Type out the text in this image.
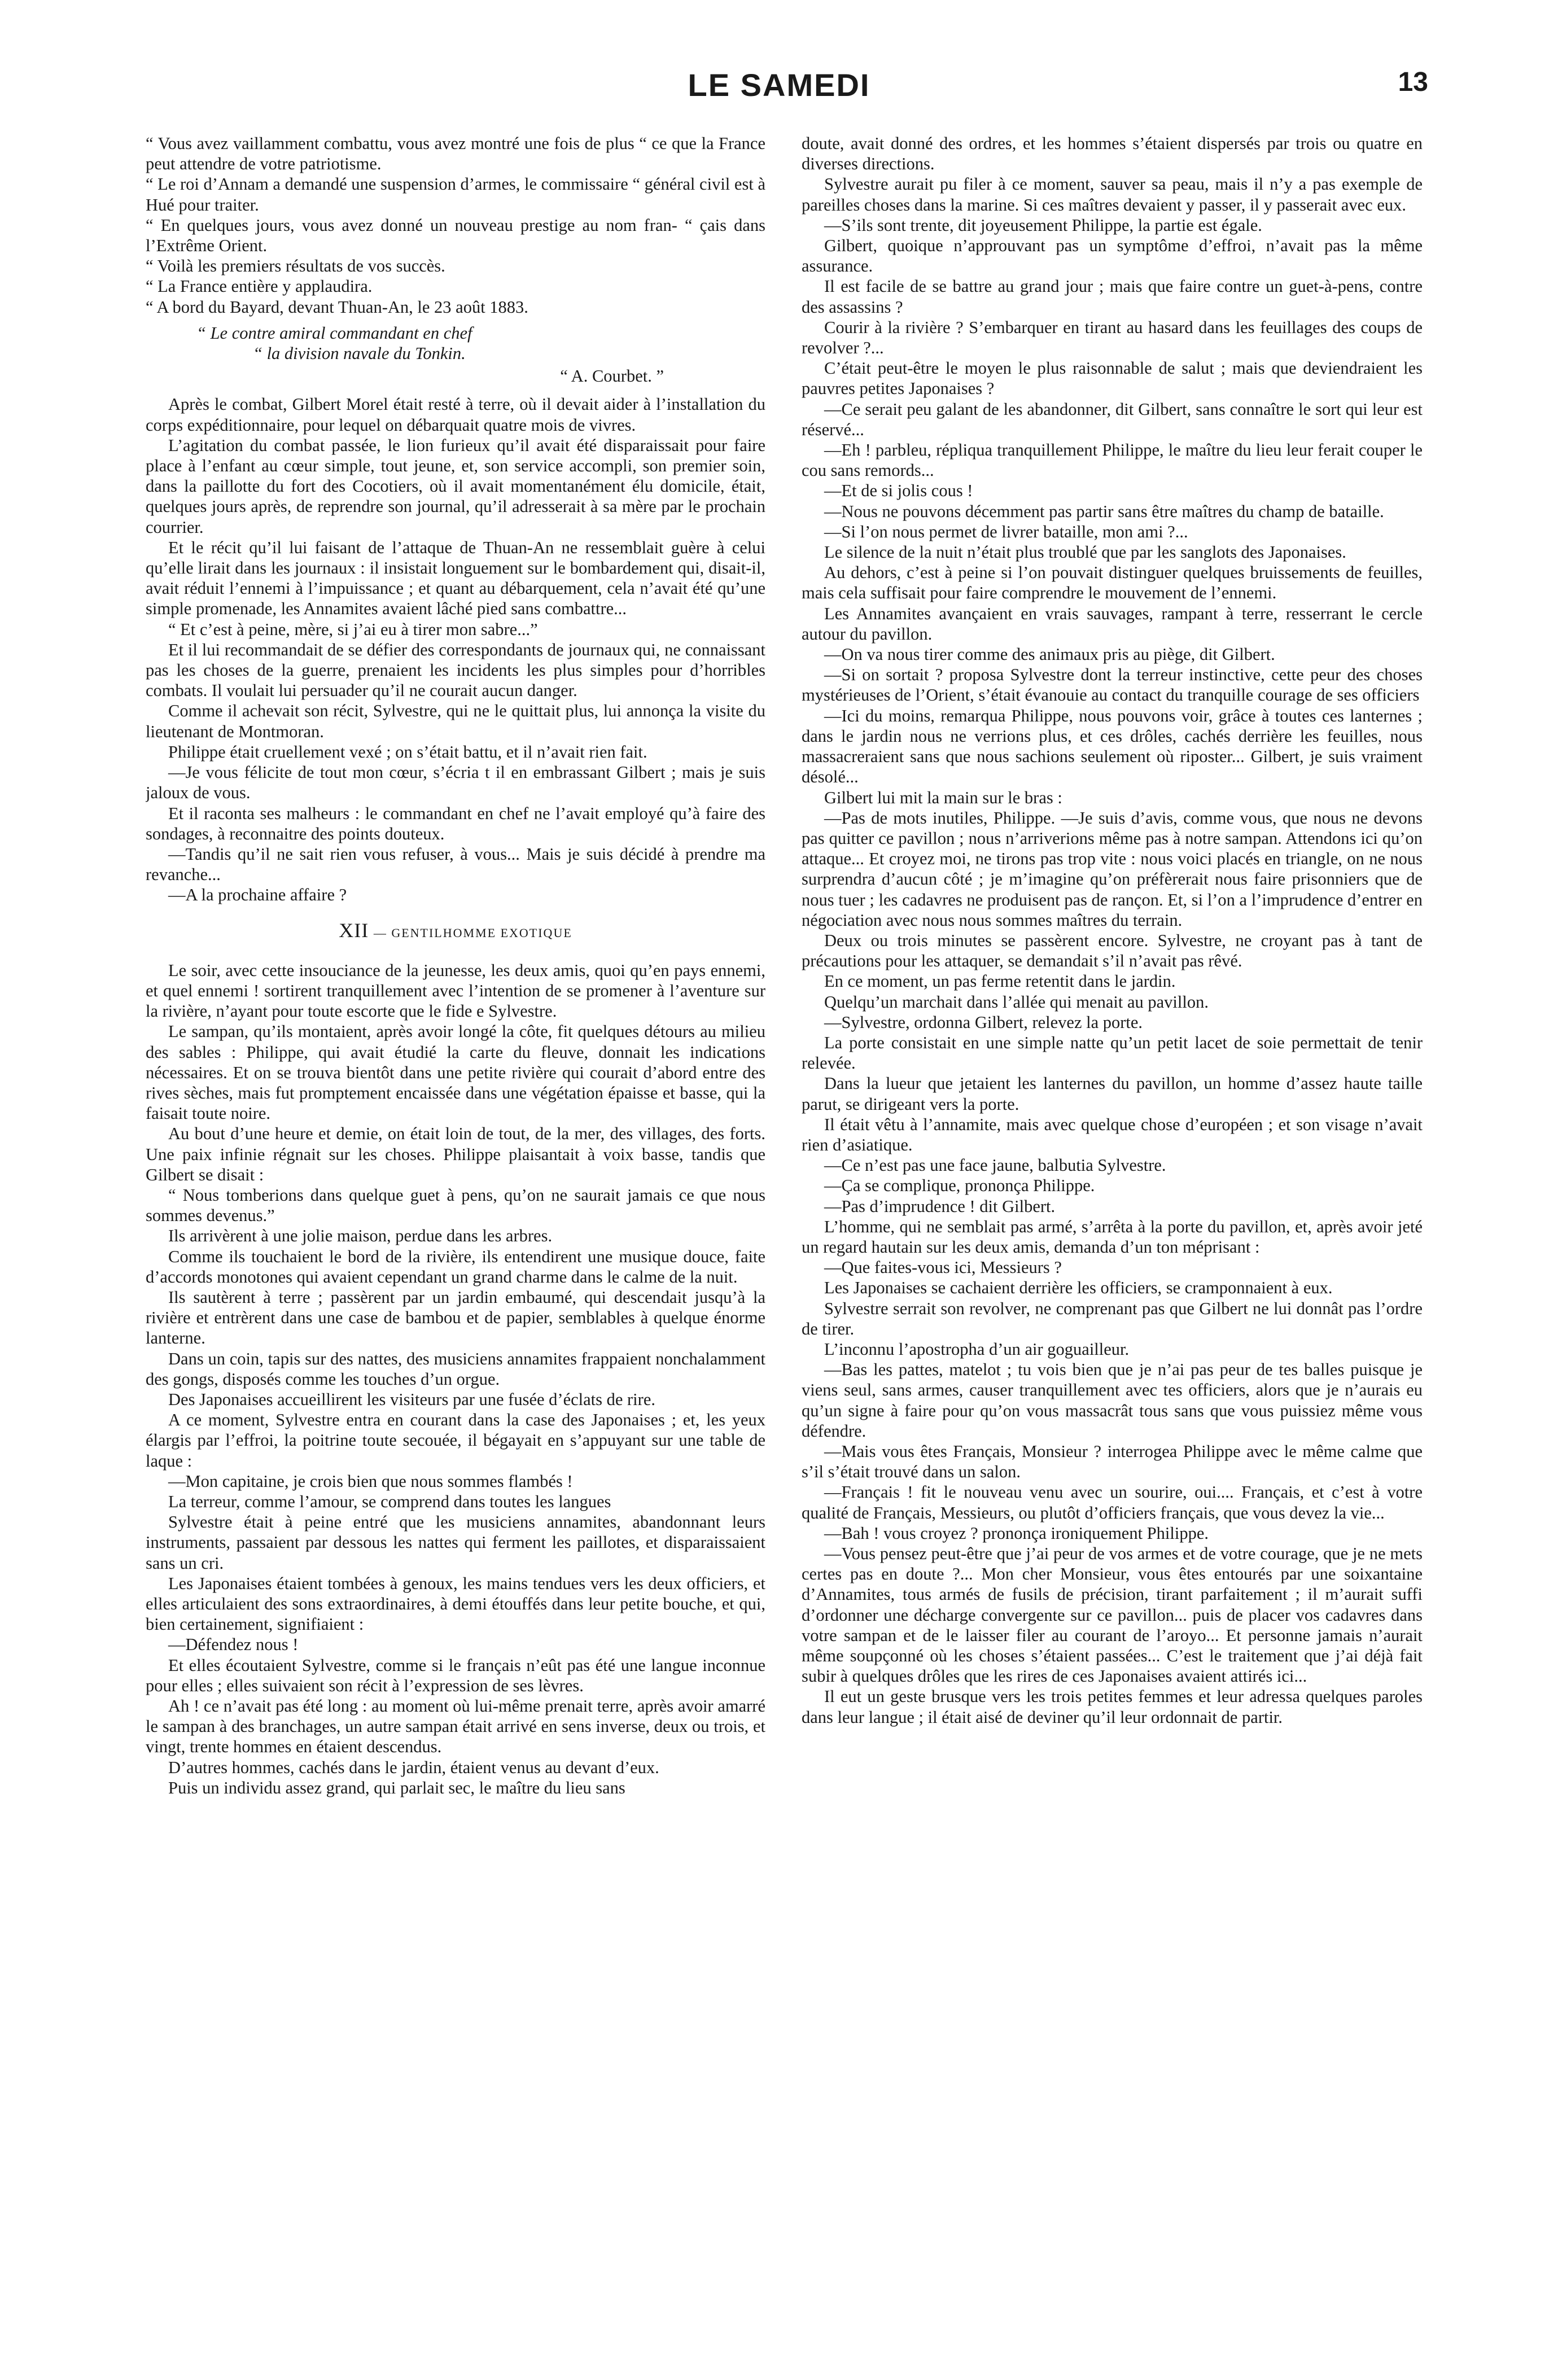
LE SAMEDI	13

“ Vous avez vaillamment combattu, vous avez montré une fois de plus “ ce que la France peut attendre de votre patriotisme.

“ Le roi d’Annam a demandé une suspension d’armes, le commissaire “ général civil est à Hué pour traiter.

“ En quelques jours, vous avez donné un nouveau prestige au nom fran- “ çais dans l’Extrême Orient.

“ Voilà les premiers résultats de vos succès.

“ La France entière y applaudira.

“ A bord du Bayard, devant Thuan-An, le 23 août 1883.

“ Le contre amiral commandant en chef
“ la division navale du Tonkin.
“ A. Courbet. ”

Après le combat, Gilbert Morel était resté à terre, où il devait aider à l’installation du corps expéditionnaire, pour lequel on débarquait quatre mois de vivres.

L’agitation du combat passée, le lion furieux qu’il avait été disparaissait pour faire place à l’enfant au cœur simple, tout jeune, et, son service accompli, son premier soin, dans la paillotte du fort des Cocotiers, où il avait momentanément élu domicile, était, quelques jours après, de reprendre son journal, qu’il adresserait à sa mère par le prochain courrier.

Et le récit qu’il lui faisant de l’attaque de Thuan-An ne ressemblait guère à celui qu’elle lirait dans les journaux : il insistait longuement sur le bombardement qui, disait-il, avait réduit l’ennemi à l’impuissance ; et quant au débarquement, cela n’avait été qu’une simple promenade, les Annamites avaient lâché pied sans combattre...

“ Et c’est à peine, mère, si j’ai eu à tirer mon sabre...”

Et il lui recommandait de se défier des correspondants de journaux qui, ne connaissant pas les choses de la guerre, prenaient les incidents les plus simples pour d’horribles combats. Il voulait lui persuader qu’il ne courait aucun danger.

Comme il achevait son récit, Sylvestre, qui ne le quittait plus, lui annonça la visite du lieutenant de Montmoran.

Philippe était cruellement vexé ; on s’était battu, et il n’avait rien fait.

—Je vous félicite de tout mon cœur, s’écria t il en embrassant Gilbert ; mais je suis jaloux de vous.

Et il raconta ses malheurs : le commandant en chef ne l’avait employé qu’à faire des sondages, à reconnaitre des points douteux.

—Tandis qu’il ne sait rien vous refuser, à vous... Mais je suis décidé à prendre ma revanche...

—A la prochaine affaire ?

XII — GENTILHOMME EXOTIQUE

Le soir, avec cette insouciance de la jeunesse, les deux amis, quoi qu’en pays ennemi, et quel ennemi ! sortirent tranquillement avec l’intention de se promener à l’aventure sur la rivière, n’ayant pour toute escorte que le fide e Sylvestre.

Le sampan, qu’ils montaient, après avoir longé la côte, fit quelques détours au milieu des sables : Philippe, qui avait étudié la carte du fleuve, donnait les indications nécessaires. Et on se trouva bientôt dans une petite rivière qui courait d’abord entre des rives sèches, mais fut promptement encaissée dans une végétation épaisse et basse, qui la faisait toute noire.

Au bout d’une heure et demie, on était loin de tout, de la mer, des villages, des forts. Une paix infinie régnait sur les choses. Philippe plaisantait à voix basse, tandis que Gilbert se disait :

“ Nous tomberions dans quelque guet à pens, qu’on ne saurait jamais ce que nous sommes devenus.”

Ils arrivèrent à une jolie maison, perdue dans les arbres.

Comme ils touchaient le bord de la rivière, ils entendirent une musique douce, faite d’accords monotones qui avaient cependant un grand charme dans le calme de la nuit.

Ils sautèrent à terre ; passèrent par un jardin embaumé, qui descendait jusqu’à la rivière et entrèrent dans une case de bambou et de papier, semblables à quelque énorme lanterne.

Dans un coin, tapis sur des nattes, des musiciens annamites frappaient nonchalamment des gongs, disposés comme les touches d’un orgue.

Des Japonaises accueillirent les visiteurs par une fusée d’éclats de rire.

A ce moment, Sylvestre entra en courant dans la case des Japonaises ; et, les yeux élargis par l’effroi, la poitrine toute secouée, il bégayait en s’appuyant sur une table de laque :

—Mon capitaine, je crois bien que nous sommes flambés !

La terreur, comme l’amour, se comprend dans toutes les langues

Sylvestre était à peine entré que les musiciens annamites, abandonnant leurs instruments, passaient par dessous les nattes qui ferment les paillotes, et disparaissaient sans un cri.

Les Japonaises étaient tombées à genoux, les mains tendues vers les deux officiers, et elles articulaient des sons extraordinaires, à demi étouffés dans leur petite bouche, et qui, bien certainement, signifiaient :

—Défendez nous !

Et elles écoutaient Sylvestre, comme si le français n’eût pas été une langue inconnue pour elles ; elles suivaient son récit à l’expression de ses lèvres.

Ah ! ce n’avait pas été long : au moment où lui-même prenait terre, après avoir amarré le sampan à des branchages, un autre sampan était arrivé en sens inverse, deux ou trois, et vingt, trente hommes en étaient descendus.

D’autres hommes, cachés dans le jardin, étaient venus au devant d’eux.

Puis un individu assez grand, qui parlait sec, le maître du lieu sans

doute, avait donné des ordres, et les hommes s’étaient dispersés par trois ou quatre en diverses directions.

Sylvestre aurait pu filer à ce moment, sauver sa peau, mais il n’y a pas exemple de pareilles choses dans la marine. Si ces maîtres devaient y passer, il y passerait avec eux.

—S’ils sont trente, dit joyeusement Philippe, la partie est égale.

Gilbert, quoique n’approuvant pas un symptôme d’effroi, n’avait pas la même assurance.

Il est facile de se battre au grand jour ; mais que faire contre un guet-à-pens, contre des assassins ?

Courir à la rivière ? S’embarquer en tirant au hasard dans les feuillages des coups de revolver ?...

C’était peut-être le moyen le plus raisonnable de salut ; mais que deviendraient les pauvres petites Japonaises ?

—Ce serait peu galant de les abandonner, dit Gilbert, sans connaître le sort qui leur est réservé...

—Eh ! parbleu, répliqua tranquillement Philippe, le maître du lieu leur ferait couper le cou sans remords...

—Et de si jolis cous !

—Nous ne pouvons décemment pas partir sans être maîtres du champ de bataille.

—Si l’on nous permet de livrer bataille, mon ami ?...

Le silence de la nuit n’était plus troublé que par les sanglots des Japonaises.

Au dehors, c’est à peine si l’on pouvait distinguer quelques bruissements de feuilles, mais cela suffisait pour faire comprendre le mouvement de l’ennemi.

Les Annamites avançaient en vrais sauvages, rampant à terre, resserrant le cercle autour du pavillon.

—On va nous tirer comme des animaux pris au piège, dit Gilbert.

—Si on sortait ? proposa Sylvestre dont la terreur instinctive, cette peur des choses mystérieuses de l’Orient, s’était évanouie au contact du tranquille courage de ses officiers

—Ici du moins, remarqua Philippe, nous pouvons voir, grâce à toutes ces lanternes ; dans le jardin nous ne verrions plus, et ces drôles, cachés derrière les feuilles, nous massacreraient sans que nous sachions seulement où riposter... Gilbert, je suis vraiment désolé...

Gilbert lui mit la main sur le bras :

—Pas de mots inutiles, Philippe. —Je suis d’avis, comme vous, que nous ne devons pas quitter ce pavillon ; nous n’arriverions même pas à notre sampan. Attendons ici qu’on attaque... Et croyez moi, ne tirons pas trop vite : nous voici placés en triangle, on ne nous surprendra d’aucun côté ; je m’imagine qu’on préfèrerait nous faire prisonniers que de nous tuer ; les cadavres ne produisent pas de rançon. Et, si l’on a l’imprudence d’entrer en négociation avec nous nous sommes maîtres du terrain.

Deux ou trois minutes se passèrent encore. Sylvestre, ne croyant pas à tant de précautions pour les attaquer, se demandait s’il n’avait pas rêvé.

En ce moment, un pas ferme retentit dans le jardin.

Quelqu’un marchait dans l’allée qui menait au pavillon.

—Sylvestre, ordonna Gilbert, relevez la porte.

La porte consistait en une simple natte qu’un petit lacet de soie permettait de tenir relevée.

Dans la lueur que jetaient les lanternes du pavillon, un homme d’assez haute taille parut, se dirigeant vers la porte.

Il était vêtu à l’annamite, mais avec quelque chose d’européen ; et son visage n’avait rien d’asiatique.

—Ce n’est pas une face jaune, balbutia Sylvestre.

—Ça se complique, prononça Philippe.

—Pas d’imprudence ! dit Gilbert.

L’homme, qui ne semblait pas armé, s’arrêta à la porte du pavillon, et, après avoir jeté un regard hautain sur les deux amis, demanda d’un ton méprisant :

—Que faites-vous ici, Messieurs ?

Les Japonaises se cachaient derrière les officiers, se cramponnaient à eux.

Sylvestre serrait son revolver, ne comprenant pas que Gilbert ne lui donnât pas l’ordre de tirer.

L’inconnu l’apostropha d’un air goguailleur.

—Bas les pattes, matelot ; tu vois bien que je n’ai pas peur de tes balles puisque je viens seul, sans armes, causer tranquillement avec tes officiers, alors que je n’aurais eu qu’un signe à faire pour qu’on vous massacrât tous sans que vous puissiez même vous défendre.

—Mais vous êtes Français, Monsieur ? interrogea Philippe avec le même calme que s’il s’était trouvé dans un salon.

—Français ! fit le nouveau venu avec un sourire, oui.... Français, et c’est à votre qualité de Français, Messieurs, ou plutôt d’officiers français, que vous devez la vie...

—Bah ! vous croyez ? prononça ironiquement Philippe.

—Vous pensez peut-être que j’ai peur de vos armes et de votre courage, que je ne mets certes pas en doute ?... Mon cher Monsieur, vous êtes entourés par une soixantaine d’Annamites, tous armés de fusils de précision, tirant parfaitement ; il m’aurait suffi d’ordonner une décharge convergente sur ce pavillon... puis de placer vos cadavres dans votre sampan et de le laisser filer au courant de l’aroyo... Et personne jamais n’aurait même soupçonné où les choses s’étaient passées... C’est le traitement que j’ai déjà fait subir à quelques drôles que les rires de ces Japonaises avaient attirés ici...

Il eut un geste brusque vers les trois petites femmes et leur adressa quelques paroles dans leur langue ; il était aisé de deviner qu’il leur ordonnait de partir.
